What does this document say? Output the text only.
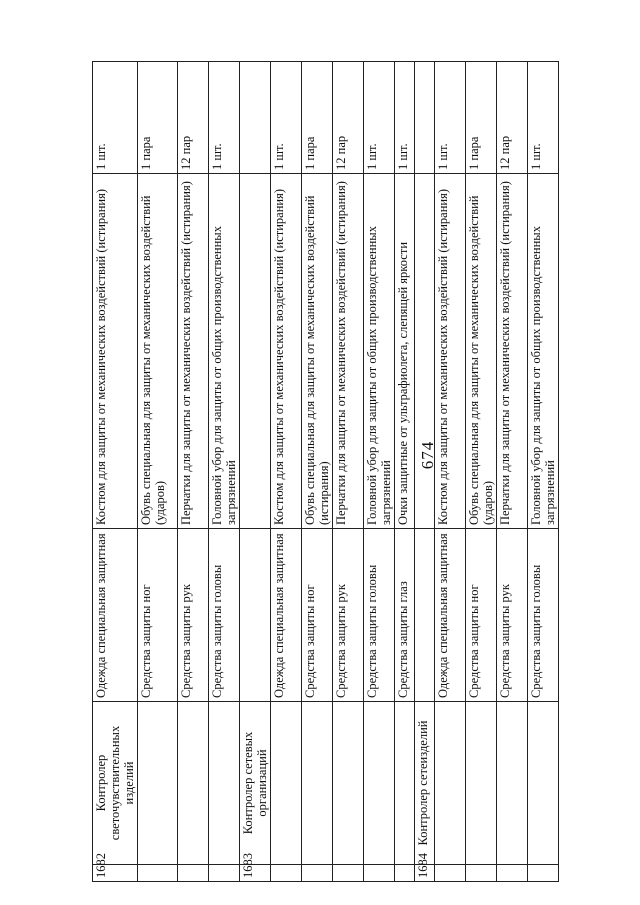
674
1682	Контролер светочувствительных изделий	Одежда специальная защитная	Костюм для защиты от механических воздействий (истирания)	1 шт.
		Средства защиты ног	Обувь специальная для защиты от механических воздействий (ударов)	1 пара
		Средства защиты рук	Перчатки для защиты от механических воздействий (истирания)	12 пар
		Средства защиты головы	Головной убор для защиты от общих производственных загрязнений	1 шт.
1683	Контролер сетевых организаций			
		Одежда специальная защитная	Костюм для защиты от механических воздействий (истирания)	1 шт.
		Средства защиты ног	Обувь специальная для защиты от механических воздействий (истирания)	1 пара
		Средства защиты рук	Перчатки для защиты от механических воздействий (истирания)	12 пар
		Средства защиты головы	Головной убор для защиты от общих производственных загрязнений	1 шт.
		Средства защиты глаз	Очки защитные от ультрафиолета, слепящей яркости	1 шт.
1684	Контролер сетеизделий			
		Одежда специальная защитная	Костюм для защиты от механических воздействий (истирания)	1 шт.
		Средства защиты ног	Обувь специальная для защиты от механических воздействий (ударов)	1 пара
		Средства защиты рук	Перчатки для защиты от механических воздействий (истирания)	12 пар
		Средства защиты головы	Головной убор для защиты от общих производственных загрязнений	1 шт.
